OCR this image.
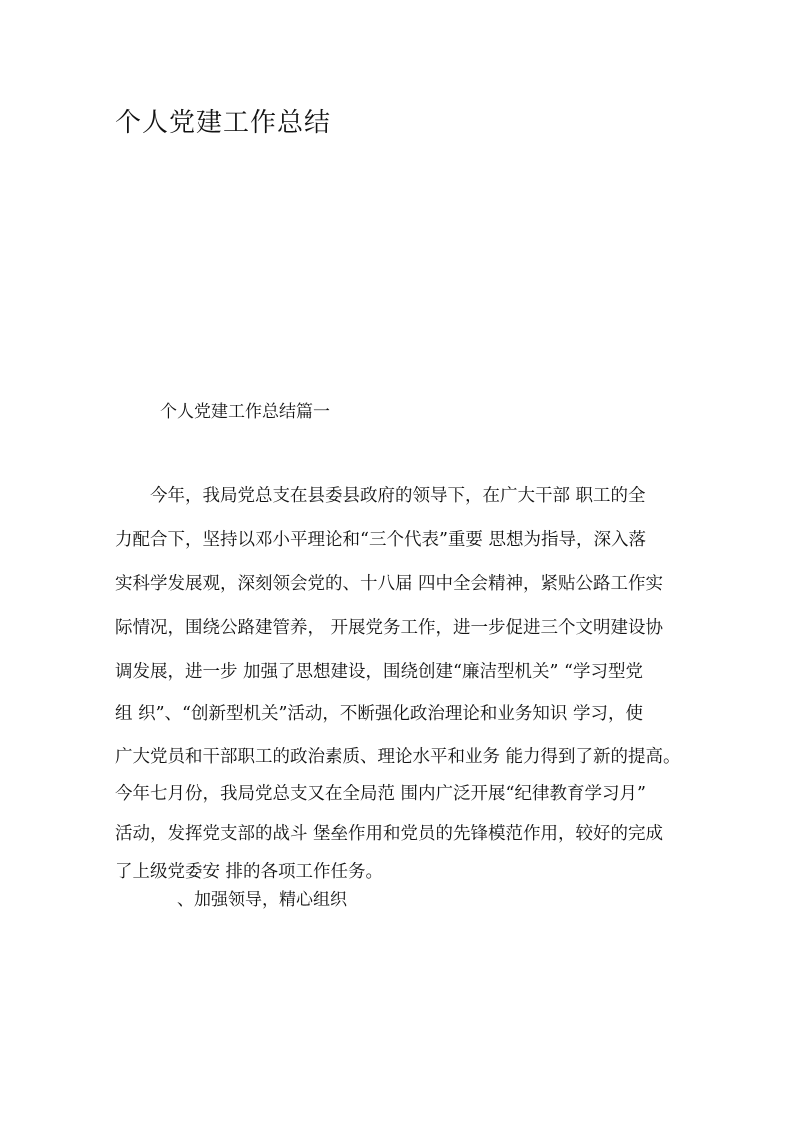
个人党建工作总结
个人党建工作总结篇一
　　今年，我局党总支在县委县政府的领导下，在广大干部 职工的全
力配合下，坚持以邓小平理论和“三个代表”重要 思想为指导，深入落
实科学发展观，深刻领会党的、十八届 四中全会精神，紧贴公路工作实
际情况，围绕公路建管养， 开展党务工作，进一步促进三个文明建设协
调发展，进一步 加强了思想建设，围绕创建“廉洁型机关” “学习型党
组 织”、“创新型机关”活动，不断强化政治理论和业务知识 学习，使
广大党员和干部职工的政治素质、理论水平和业务 能力得到了新的提高。
今年七月份，我局党总支又在全局范 围内广泛开展“纪律教育学习月”
活动，发挥党支部的战斗 堡垒作用和党员的先锋模范作用，较好的完成
了上级党委安 排的各项工作任务。
、加强领导，精心组织
